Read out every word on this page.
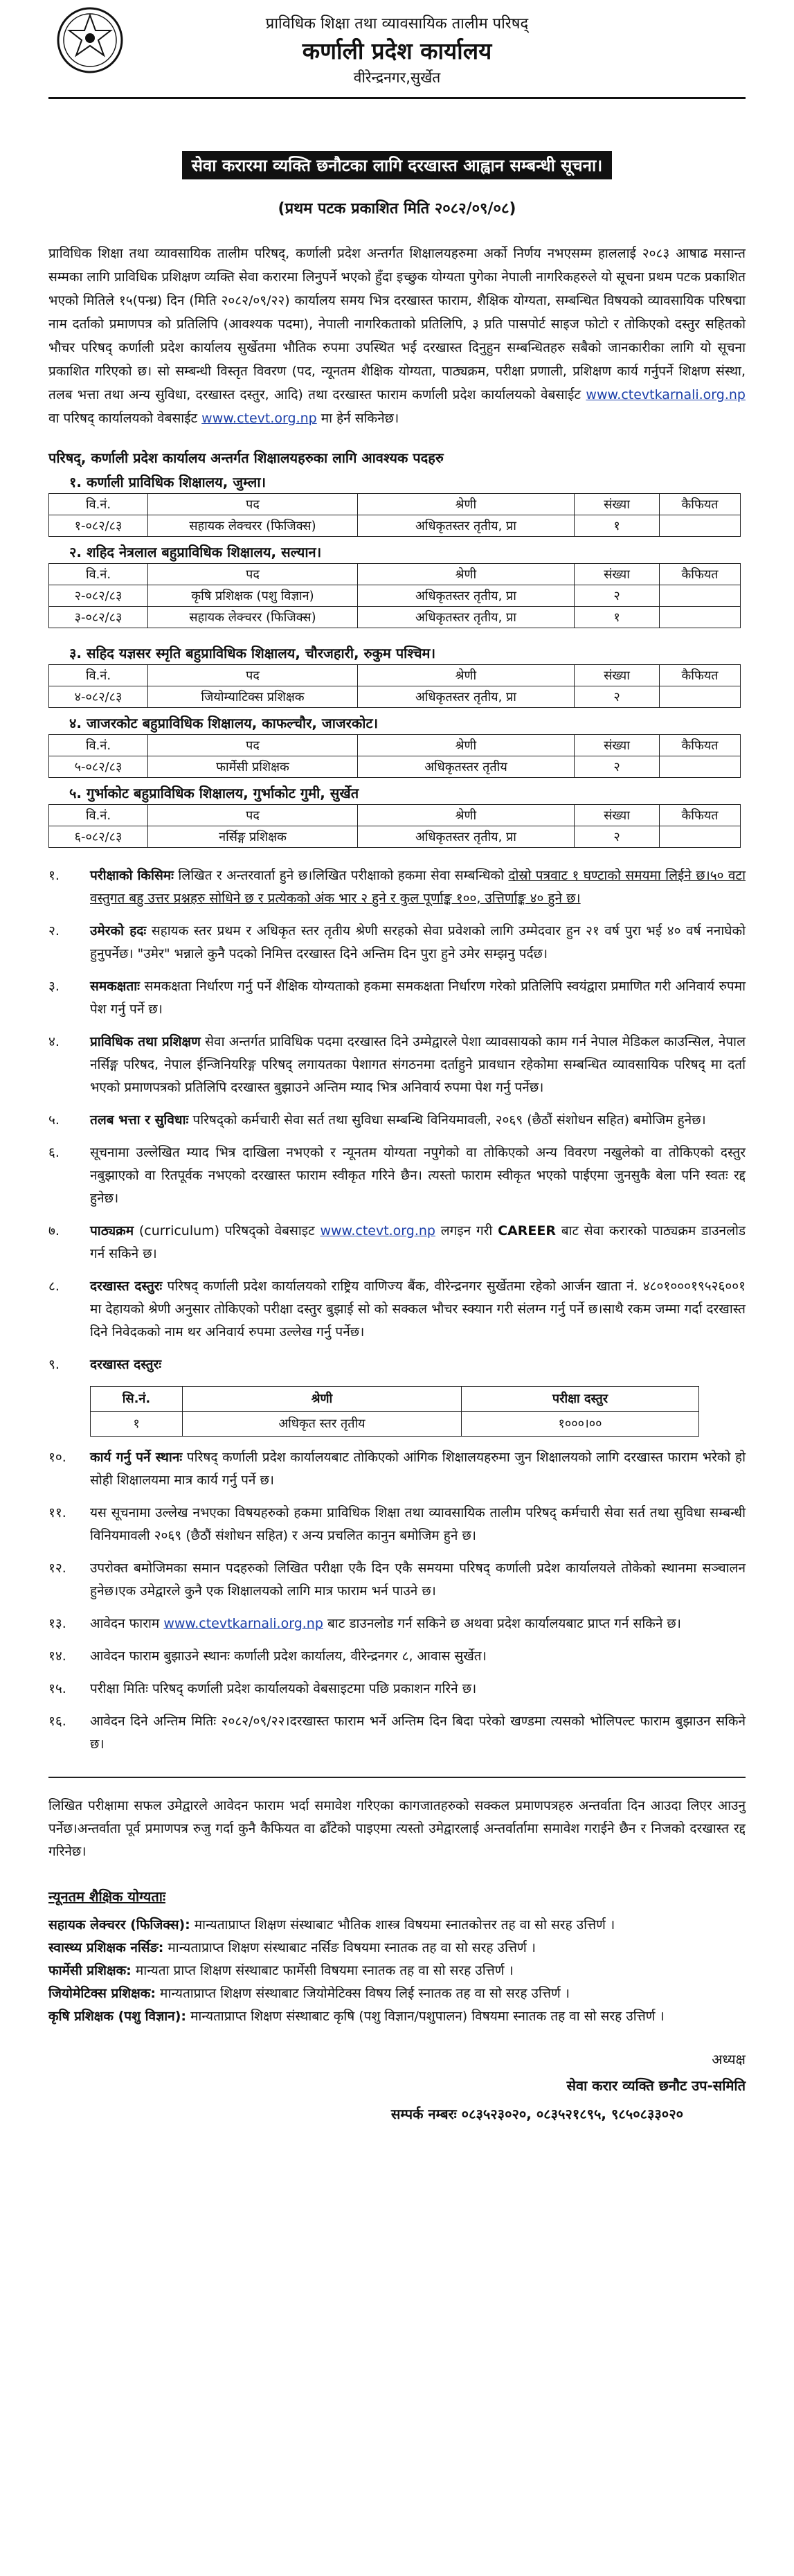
प्राविधिक शिक्षा तथा व्यावसायिक तालीम परिषद्
कर्णाली प्रदेश कार्यालय
वीरेन्द्रनगर,सुर्खेत
सेवा करारमा व्यक्ति छनौटका लागि दरखास्त आह्वान सम्बन्धी सूचना।
(प्रथम पटक प्रकाशित मिति २०८२/०९/०८)
प्राविधिक शिक्षा तथा व्यावसायिक तालीम परिषद्, कर्णाली प्रदेश अन्तर्गत शिक्षालयहरुमा अर्को निर्णय नभएसम्म हाललाई २०८३ आषाढ मसान्त सम्मका लागि प्राविधिक प्रशिक्षण व्यक्ति सेवा करारमा लिनुपर्ने भएको हुँदा इच्छुक योग्यता पुगेका नेपाली नागरिकहरुले यो सूचना प्रथम पटक प्रकाशित भएको मितिले १५(पन्ध्र) दिन (मिति २०८२/०९/२२) कार्यालय समय भित्र दरखास्त फाराम, शैक्षिक योग्यता, सम्बन्धित विषयको व्यावसायिक परिषद्मा नाम दर्ताको प्रमाणपत्र को प्रतिलिपि (आवश्यक पदमा), नेपाली नागरिकताको प्रतिलिपि, ३ प्रति पासपोर्ट साइज फोटो र तोकिएको दस्तुर सहितको भौचर परिषद् कर्णाली प्रदेश कार्यालय सुर्खेतमा भौतिक रुपमा उपस्थित भई दरखास्त दिनुहुन सम्बन्धितहरु सबैको जानकारीका लागि यो सूचना प्रकाशित गरिएको छ। सो सम्बन्धी विस्तृत विवरण (पद, न्यूनतम शैक्षिक योग्यता, पाठ्यक्रम, परीक्षा प्रणाली, प्रशिक्षण कार्य गर्नुपर्ने शिक्षण संस्था, तलब भत्ता तथा अन्य सुविधा, दरखास्त दस्तुर, आदि) तथा दरखास्त फाराम कर्णाली प्रदेश कार्यालयको वेबसाईट www.ctevtkarnali.org.np वा परिषद् कार्यालयको वेबसाईट www.ctevt.org.np मा हेर्न सकिनेछ।
परिषद्, कर्णाली प्रदेश कार्यालय अन्तर्गत शिक्षालयहरुका लागि आवश्यक पदहरु
१. कर्णाली प्राविधिक शिक्षालय, जुम्ला।
वि.नं.	पद	श्रेणी	संख्या	कैफियत
१-०८२/८३	सहायक लेक्चरर (फिजिक्स)	अधिकृतस्तर तृतीय, प्रा	१	
२. शहिद नेत्रलाल बहुप्राविधिक शिक्षालय, सल्यान।
वि.नं.	पद	श्रेणी	संख्या	कैफियत
२-०८२/८३	कृषि प्रशिक्षक (पशु विज्ञान)	अधिकृतस्तर तृतीय, प्रा	२	
३-०८२/८३	सहायक लेक्चरर (फिजिक्स)	अधिकृतस्तर तृतीय, प्रा	१	
३. सहिद यज्ञसर स्मृति बहुप्राविधिक शिक्षालय, चौरजहारी, रुकुम पश्चिम।
वि.नं.	पद	श्रेणी	संख्या	कैफियत
४-०८२/८३	जियोम्याटिक्स प्रशिक्षक	अधिकृतस्तर तृतीय, प्रा	२	
४. जाजरकोट बहुप्राविधिक शिक्षालय, काफल्चौर, जाजरकोट।
वि.नं.	पद	श्रेणी	संख्या	कैफियत
५-०८२/८३	फार्मेसी प्रशिक्षक	अधिकृतस्तर तृतीय	२	
५. गुर्भाकोट बहुप्राविधिक शिक्षालय, गुर्भाकोट गुमी, सुर्खेत
वि.नं.	पद	श्रेणी	संख्या	कैफियत
६-०८२/८३	नर्सिङ्ग प्रशिक्षक	अधिकृतस्तर तृतीय, प्रा	२	
१.	परीक्षाको किसिमः लिखित र अन्तरवार्ता हुने छ।लिखित परीक्षाको हकमा सेवा सम्बन्धिको दोस्रो पत्रवाट १ घण्टाको समयमा लिईने छ।५० वटा वस्तुगत बहु उत्तर प्रश्नहरु सोधिने छ र प्रत्येकको अंक भार २ हुने र कुल पूर्णाङ्क १००, उत्तिर्णाङ्क ४० हुने छ।
२.	उमेरको हदः सहायक स्तर प्रथम र अधिकृत स्तर तृतीय श्रेणी सरहको सेवा प्रवेशको लागि उम्मेदवार हुन २१ वर्ष पुरा भई ४० वर्ष ननाघेको हुनुपर्नेछ। "उमेर" भन्नाले कुनै पदको निमित्त दरखास्त दिने अन्तिम दिन पुरा हुने उमेर सम्झनु पर्दछ।
३.	समकक्षताः समकक्षता निर्धारण गर्नु पर्ने शैक्षिक योग्यताको हकमा समकक्षता निर्धारण गरेको प्रतिलिपि स्वयंद्वारा प्रमाणित गरी अनिवार्य रुपमा पेश गर्नु पर्ने छ।
४.	प्राविधिक तथा प्रशिक्षण सेवा अन्तर्गत प्राविधिक पदमा दरखास्त दिने उम्मेद्वारले पेशा व्यावसायको काम गर्न नेपाल मेडिकल काउन्सिल, नेपाल नर्सिङ्ग परिषद, नेपाल ईन्जिनियरिङ्ग परिषद् लगायतका पेशागत संगठनमा दर्ताहुने प्रावधान रहेकोमा सम्बन्धित व्यावसायिक परिषद् मा दर्ता भएको प्रमाणपत्रको प्रतिलिपि दरखास्त बुझाउने अन्तिम म्याद भित्र अनिवार्य रुपमा पेश गर्नु पर्नेछ।
५.	तलब भत्ता र सुविधाः परिषद्को कर्मचारी सेवा सर्त तथा सुविधा सम्बन्धि विनियमावली, २०६९ (छैठौं संशोधन सहित) बमोजिम हुनेछ।
६.	सूचनामा उल्लेखित म्याद भित्र दाखिला नभएको र न्यूनतम योग्यता नपुगेको वा तोकिएको अन्य विवरण नखुलेको वा तोकिएको दस्तुर नबुझाएको वा रितपूर्वक नभएको दरखास्त फाराम स्वीकृत गरिने छैन। त्यस्तो फाराम स्वीकृत भएको पाईएमा जुनसुकै बेला पनि स्वतः रद्द हुनेछ।
७.	पाठ्यक्रम (curriculum) परिषद्को वेबसाइट www.ctevt.org.np लगइन गरी CAREER बाट सेवा करारको पाठ्यक्रम डाउनलोड गर्न सकिने छ।
८.	दरखास्त दस्तुरः परिषद् कर्णाली प्रदेश कार्यालयको राष्ट्रिय वाणिज्य बैंक, वीरेन्द्रनगर सुर्खेतमा रहेको आर्जन खाता नं. ४८०१०००१९५२६००१ मा देहायको श्रेणी अनुसार तोकिएको परीक्षा दस्तुर बुझाई सो को सक्कल भौचर स्क्यान गरी संलग्न गर्नु पर्ने छ।साथै रकम जम्मा गर्दा दरखास्त दिने निवेदकको नाम थर अनिवार्य रुपमा उल्लेख गर्नु पर्नेछ।
९.	दरखास्त दस्तुरः
सि.नं.	श्रेणी	परीक्षा दस्तुर
१	अधिकृत स्तर तृतीय	१०००।००
१०.	कार्य गर्नु पर्ने स्थानः परिषद् कर्णाली प्रदेश कार्यालयबाट तोकिएको आंगिक शिक्षालयहरुमा जुन शिक्षालयको लागि दरखास्त फाराम भरेको हो सोही शिक्षालयमा मात्र कार्य गर्नु पर्ने छ।
११.	यस सूचनामा उल्लेख नभएका विषयहरुको हकमा प्राविधिक शिक्षा तथा व्यावसायिक तालीम परिषद् कर्मचारी सेवा सर्त तथा सुविधा सम्बन्धी विनियमावली २०६९ (छैठौं संशोधन सहित) र अन्य प्रचलित कानुन बमोजिम हुने छ।
१२.	उपरोक्त बमोजिमका समान पदहरुको लिखित परीक्षा एकै दिन एकै समयमा परिषद् कर्णाली प्रदेश कार्यालयले तोकेको स्थानमा सञ्चालन हुनेछ।एक उमेद्वारले कुनै एक शिक्षालयको लागि मात्र फाराम भर्न पाउने छ।
१३.	आवेदन फाराम www.ctevtkarnali.org.np बाट डाउनलोड गर्न सकिने छ अथवा प्रदेश कार्यालयबाट प्राप्त गर्न सकिने छ।
१४.	आवेदन फाराम बुझाउने स्थानः कर्णाली प्रदेश कार्यालय, वीरेन्द्रनगर ८, आवास सुर्खेत।
१५.	परीक्षा मितिः परिषद् कर्णाली प्रदेश कार्यालयको वेबसाइटमा पछि प्रकाशन गरिने छ।
१६.	आवेदन दिने अन्तिम मितिः २०८२/०९/२२।दरखास्त फाराम भर्ने अन्तिम दिन बिदा परेको खण्डमा त्यसको भोलिपल्ट फाराम बुझाउन सकिने छ।
लिखित परीक्षामा सफल उमेद्वारले आवेदन फाराम भर्दा समावेश गरिएका कागजातहरुको सक्कल प्रमाणपत्रहरु अन्तर्वाता दिन आउदा लिएर आउनु पर्नेछ।अन्तर्वाता पूर्व प्रमाणपत्र रुजु गर्दा कुनै कैफियत वा ढाँटेको पाइएमा त्यस्तो उमेद्वारलाई अन्तर्वार्तामा समावेश गराईने छैन र निजको दरखास्त रद्द गरिनेछ।
न्यूनतम शैक्षिक योग्यताः
सहायक लेक्चरर (फिजिक्स): मान्यताप्राप्त शिक्षण संस्थाबाट भौतिक शास्त्र विषयमा स्नातकोत्तर तह वा सो सरह उत्तिर्ण ।
स्वास्थ्य प्रशिक्षक नर्सिङ: मान्यताप्राप्त शिक्षण संस्थाबाट नर्सिङ विषयमा स्नातक तह वा सो सरह उत्तिर्ण ।
फार्मेसी प्रशिक्षक: मान्यता प्राप्त शिक्षण संस्थाबाट फार्मेसी विषयमा स्नातक तह वा सो सरह उत्तिर्ण ।
जियोमेटिक्स प्रशिक्षक: मान्यताप्राप्त शिक्षण संस्थाबाट जियोमेटिक्स विषय लिई स्नातक तह वा सो सरह उत्तिर्ण ।
कृषि प्रशिक्षक (पशु विज्ञान): मान्यताप्राप्त शिक्षण संस्थाबाट कृषि (पशु विज्ञान/पशुपालन) विषयमा स्नातक तह वा सो सरह उत्तिर्ण ।
अध्यक्ष
सेवा करार व्यक्ति छनौट उप-समिति
सम्पर्क नम्बरः ०८३५२३०२०, ०८३५२१८९५, ९८५०८३३०२०
